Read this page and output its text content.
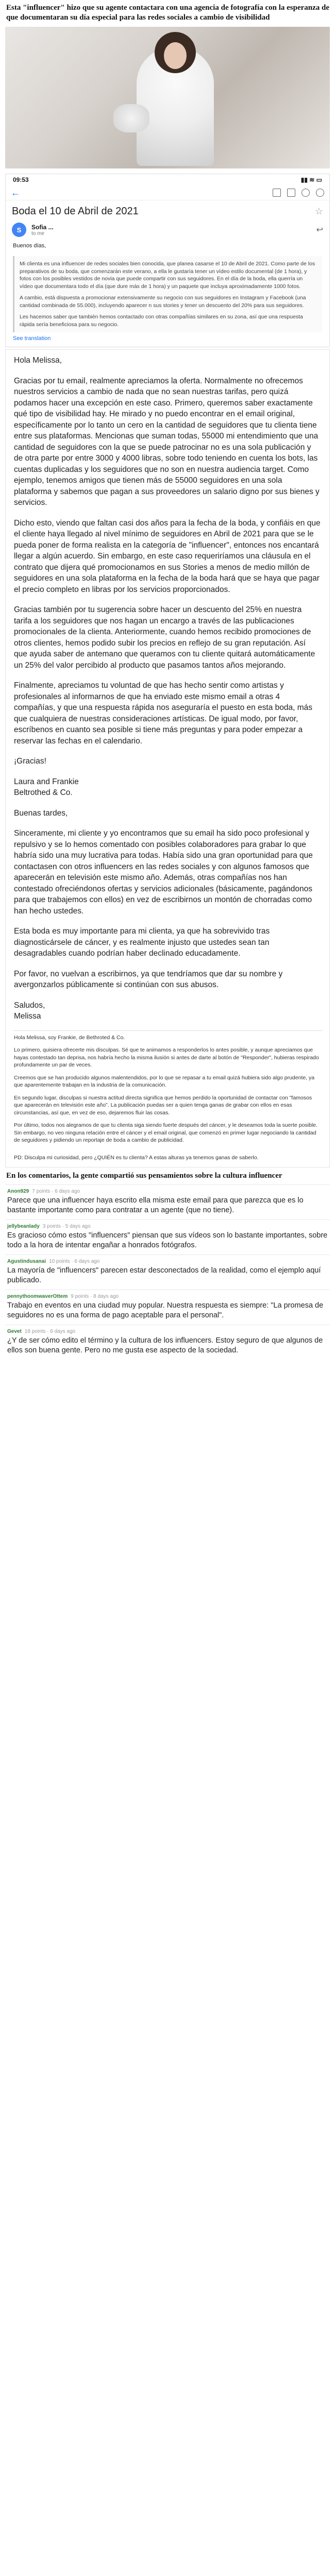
Esta "influencer" hizo que su agente contactara con una agencia de fotografía con la esperanza de que documentaran su día especial para las redes sociales a cambio de visibilidad
09:53	▮▮ ≋ ▭
←
Boda el 10 de Abril de 2021	☆
S	Sofia ...
to me	↩
Buenos días,

Mi clienta es una influencer de redes sociales bien conocida, que planea casarse el 10 de Abril de 2021. Como parte de los preparativos de su boda, que comenzarán este verano, a ella le gustaría tener un vídeo estilo documental (de 1 hora), y fotos con los posibles vestidos de novia que puede compartir con sus seguidores. En el día de la boda, ella querría un vídeo que documentara todo el día (que dure más de 1 hora) y un paquete que incluya aproximadamente 1000 fotos.

A cambio, está dispuesta a promocionar extensivamente su negocio con sus seguidores en Instagram y Facebook (una cantidad combinada de 55.000), incluyendo aparecer n sus stories y tener un descuento del 20% para sus seguidores.

Les hacemos saber que también hemos contactado con otras compañías similares en su zona, así que una respuesta rápida sería beneficiosa para su negocio.

See translation

Hola Melissa,

Gracias por tu email, realmente apreciamos la oferta. Normalmente no ofrecemos nuestros servicios a cambio de nada que no sean nuestras tarifas, pero quizá podamos hacer una excepción en este caso. Primero, queremos saber exactamente qué tipo de visibilidad hay. He mirado y no puedo encontrar en el email original, específicamente por lo tanto un cero en la cantidad de seguidores que tu clienta tiene entre sus plataformas. Mencionas que suman todas, 55000 mi entendimiento que una cantidad de seguidores con la que se puede patrocinar no es una sola publicación y de otra parte por entre 3000 y 4000 libras, sobre todo teniendo en cuenta los bots, las cuentas duplicadas y los seguidores que no son en nuestra audiencia target. Como ejemplo, tenemos amigos que tienen más de 55000 seguidores en una sola plataforma y sabemos que pagan a sus proveedores un salario digno por sus bienes y servicios.

Dicho esto, viendo que faltan casi dos años para la fecha de la boda, y confiáis en que el cliente haya llegado al nivel mínimo de seguidores en Abril de 2021 para que se le pueda poner de forma realista en la categoría de "influencer", entonces nos encantará llegar a algún acuerdo. Sin embargo, en este caso requeriríamos una cláusula en el contrato que dijera qué promocionamos en sus Stories a menos de medio millón de seguidores en una sola plataforma en la fecha de la boda hará que se haya que pagar el precio completo en libras por los servicios proporcionados.

Gracias también por tu sugerencia sobre hacer un descuento del 25% en nuestra tarifa a los seguidores que nos hagan un encargo a través de las publicaciones promocionales de la clienta. Anteriormente, cuando hemos recibido promociones de otros clientes, hemos podido subir los precios en reflejo de su gran reputación. Así que ayuda saber de antemano que queramos con tu cliente quitará automáticamente un 25% del valor percibido al producto que pasamos tantos años mejorando.

Finalmente, apreciamos tu voluntad de que has hecho sentir como artistas y profesionales al informarnos de que ha enviado este mismo email a otras 4 compañías, y que una respuesta rápida nos aseguraría el puesto en esta boda, más que cualquiera de nuestras consideraciones artísticas. De igual modo, por favor, escríbenos en cuanto sea posible si tiene más preguntas y para poder empezar a reservar las fechas en el calendario.

¡Gracias!

Laura and Frankie
Beltrothed & Co.

Buenas tardes,

Sinceramente, mi cliente y yo encontramos que su email ha sido poco profesional y repulsivo y se lo hemos comentado con posibles colaboradores para grabar lo que habría sido una muy lucrativa para todas. Había sido una gran oportunidad para que contactasen con otros influencers en las redes sociales y con algunos famosos que aparecerán en televisión este mismo año. Además, otras compañías nos han contestado ofreciéndonos ofertas y servicios adicionales (básicamente, pagándonos para que trabajemos con ellos) en vez de escribirnos un montón de chorradas como han hecho ustedes.

Esta boda es muy importante para mi clienta, ya que ha sobrevivido tras diagnosticársele de cáncer, y es realmente injusto que ustedes sean tan desagradables cuando podrían haber declinado educadamente.

Por favor, no vuelvan a escribirnos, ya que tendríamos que dar su nombre y avergonzarlos públicamente si continúan con sus abusos.

Saludos,
Melissa

Hola Melissa, soy Frankie, de Bethroted & Co.

Lo primero, quisiera ofrecerte mis disculpas. Sé que te animamos a responderlos lo antes posible, y aunque apreciamos que hayas contestado tan deprisa, nos habría hecho la misma ilusión si antes de darte al botón de "Responder", hubieras respirado profundamente un par de veces.

Creemos que se han producido algunos malentendidos, por lo que se repasar a tu email quizá hubiera sido algo prudente, ya que aparentemente trabajan en la industria de la comunicación.

En segundo lugar, disculpas si nuestra actitud directa significa que hemos perdido la oportunidad de contactar con "famosos que aparecerán en televisión este año". La publicación puedas ser a quien tenga ganas de grabar con ellos en esas circunstancias, así que, en vez de eso, dejaremos fluir las cosas.

Por último, todos nos alegramos de que tu clienta siga siendo fuerte después del cáncer, y le deseamos toda la suerte posible. Sin embargo, no veo ninguna relación entre el cáncer y el email original, que comenzó en primer lugar negociando la cantidad de seguidores y pidiendo un reportaje de boda a cambio de publicidad.

PD: Disculpa mi curiosidad, pero ¿QUIÉN es tu clienta? A estas alturas ya tenemos ganas de saberlo.
En los comentarios, la gente compartió sus pensamientos sobre la cultura influencer
Anon929 7 points · 6 days ago
Parece que una influencer haya escrito ella misma este email para que parezca que es lo bastante importante como para contratar a un agente (que no tiene).
jellybeanlady 3 points · 5 days ago
Es gracioso cómo estos "influencers" piensan que sus vídeos son lo bastante importantes, sobre todo a la hora de intentar engañar a honrados fotógrafos.
Agustindusanai 10 points · 6 days ago
La mayoría de "influencers" parecen estar desconectados de la realidad, como el ejemplo aquí publicado.
pennythoomwaverOttem 9 points · 8 days ago
Trabajo en eventos en una ciudad muy popular. Nuestra respuesta es siempre: "La promesa de seguidores no es una forma de pago aceptable para el personal".
Gevet 18 points · 6 days ago
¿Y de ser cómo edito el término y la cultura de los influencers. Estoy seguro de que algunos de ellos son buena gente. Pero no me gusta ese aspecto de la sociedad.
